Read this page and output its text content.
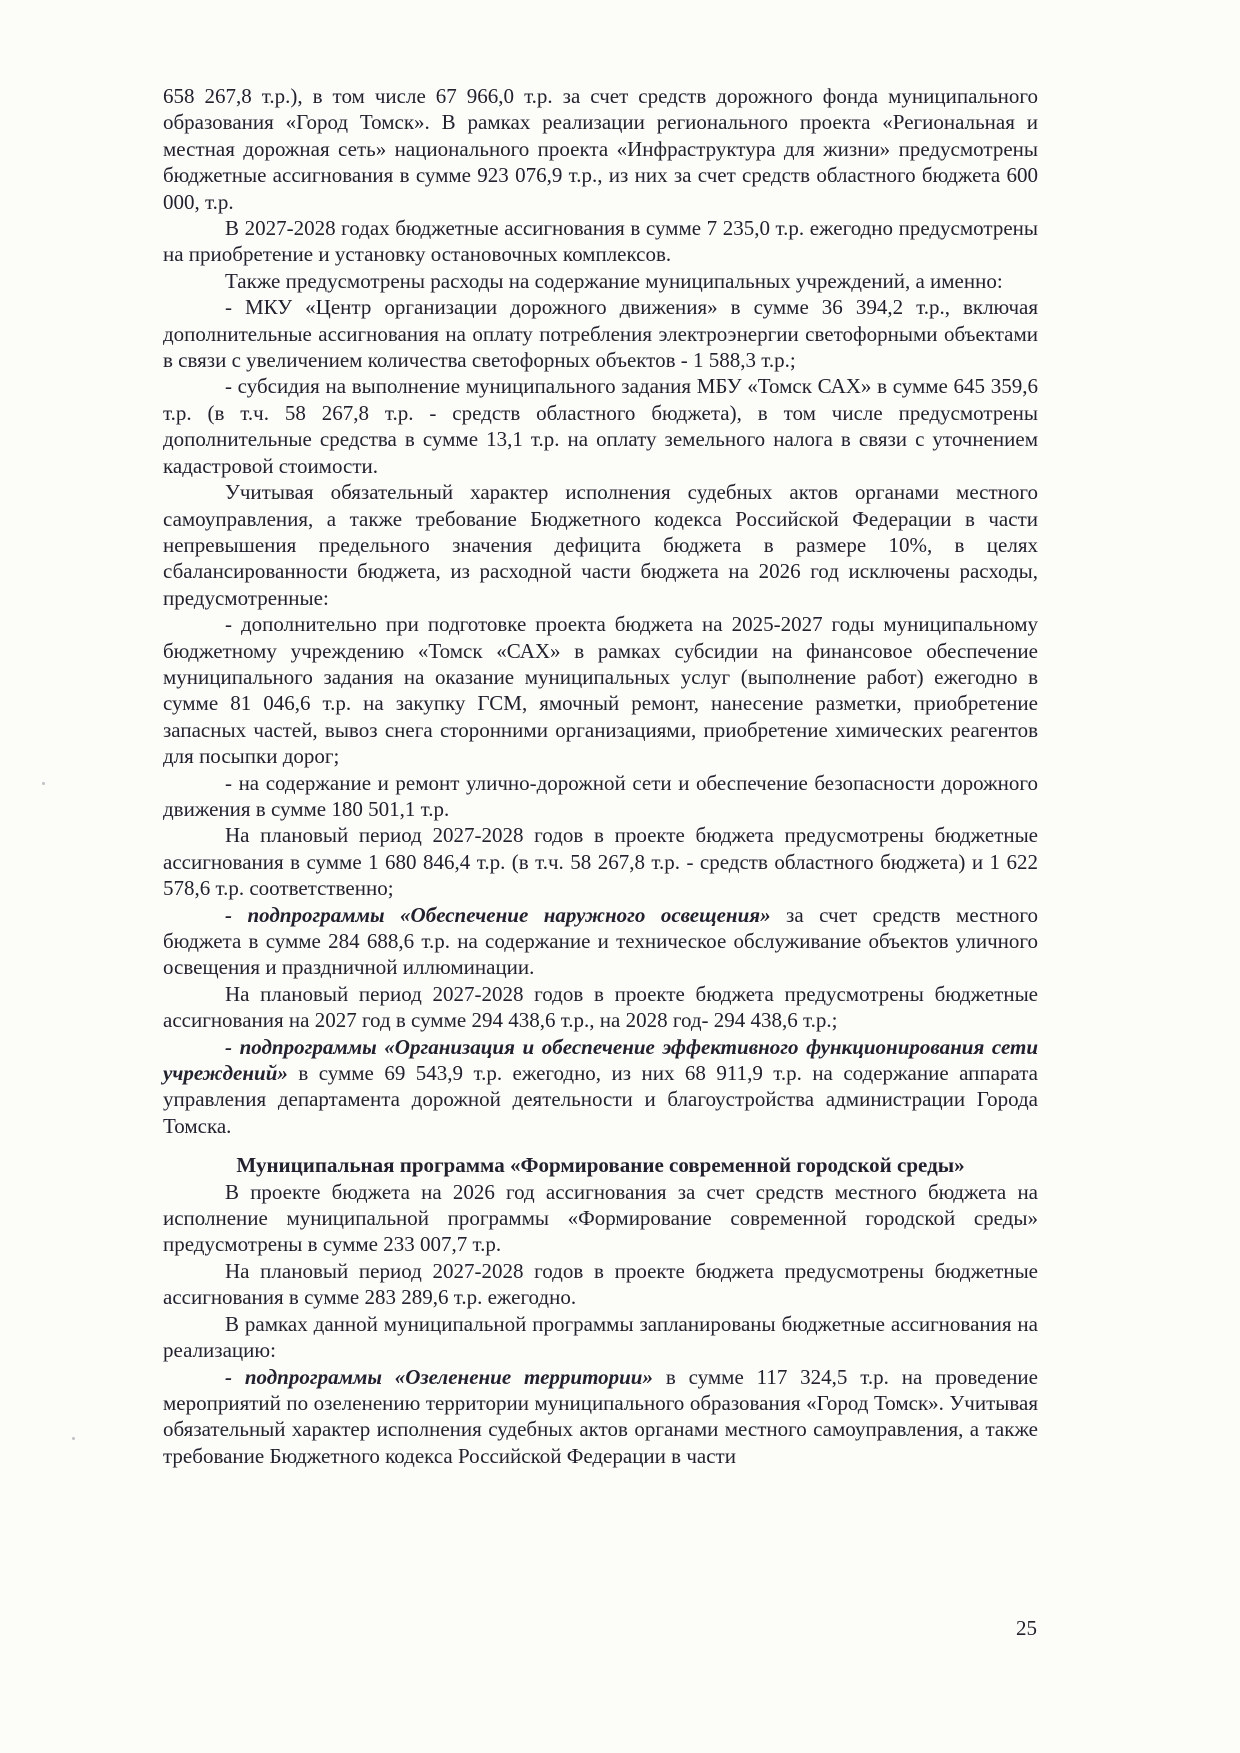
658 267,8 т.р.), в том числе 67 966,0 т.р. за счет средств дорожного фонда муниципального образования «Город Томск». В рамках реализации регионального проекта «Региональная и местная дорожная сеть» национального проекта «Инфраструктура для жизни» предусмотрены бюджетные ассигнования в сумме 923 076,9 т.р., из них за счет средств областного бюджета 600 000, т.р.

В 2027-2028 годах бюджетные ассигнования в сумме 7 235,0 т.р. ежегодно предусмотрены на приобретение и установку остановочных комплексов.

Также предусмотрены расходы на содержание муниципальных учреждений, а именно:

- МКУ «Центр организации дорожного движения» в сумме 36 394,2 т.р., включая дополнительные ассигнования на оплату потребления электроэнергии светофорными объектами в связи с увеличением количества светофорных объектов - 1 588,3 т.р.;

- субсидия на выполнение муниципального задания МБУ «Томск САХ» в сумме 645 359,6 т.р. (в т.ч. 58 267,8 т.р. - средств областного бюджета), в том числе предусмотрены дополнительные средства в сумме 13,1 т.р. на оплату земельного налога в связи с уточнением кадастровой стоимости.

Учитывая обязательный характер исполнения судебных актов органами местного самоуправления, а также требование Бюджетного кодекса Российской Федерации в части непревышения предельного значения дефицита бюджета в размере 10%, в целях сбалансированности бюджета, из расходной части бюджета на 2026 год исключены расходы, предусмотренные:

- дополнительно при подготовке проекта бюджета на 2025-2027 годы муниципальному бюджетному учреждению «Томск «САХ» в рамках субсидии на финансовое обеспечение муниципального задания на оказание муниципальных услуг (выполнение работ) ежегодно в сумме 81 046,6 т.р. на закупку ГСМ, ямочный ремонт, нанесение разметки, приобретение запасных частей, вывоз снега сторонними организациями, приобретение химических реагентов для посыпки дорог;

- на содержание и ремонт улично-дорожной сети и обеспечение безопасности дорожного движения в сумме 180 501,1 т.р.

На плановый период 2027-2028 годов в проекте бюджета предусмотрены бюджетные ассигнования в сумме 1 680 846,4 т.р. (в т.ч. 58 267,8 т.р. - средств областного бюджета) и 1 622 578,6 т.р. соответственно;

- подпрограммы «Обеспечение наружного освещения» за счет средств местного бюджета в сумме 284 688,6 т.р. на содержание и техническое обслуживание объектов уличного освещения и праздничной иллюминации.

На плановый период 2027-2028 годов в проекте бюджета предусмотрены бюджетные ассигнования на 2027 год в сумме 294 438,6 т.р., на 2028 год- 294 438,6 т.р.;

- подпрограммы «Организация и обеспечение эффективного функционирования сети учреждений» в сумме 69 543,9 т.р. ежегодно, из них 68 911,9 т.р. на содержание аппарата управления департамента дорожной деятельности и благоустройства администрации Города Томска.

Муниципальная программа «Формирование современной городской среды»

В проекте бюджета на 2026 год ассигнования за счет средств местного бюджета на исполнение муниципальной программы «Формирование современной городской среды» предусмотрены в сумме 233 007,7 т.р.

На плановый период 2027-2028 годов в проекте бюджета предусмотрены бюджетные ассигнования в сумме 283 289,6 т.р. ежегодно.

В рамках данной муниципальной программы запланированы бюджетные ассигнования на реализацию:

- подпрограммы «Озеленение территории» в сумме 117 324,5 т.р. на проведение мероприятий по озеленению территории муниципального образования «Город Томск». Учитывая обязательный характер исполнения судебных актов органами местного самоуправления, а также требование Бюджетного кодекса Российской Федерации в части

25
